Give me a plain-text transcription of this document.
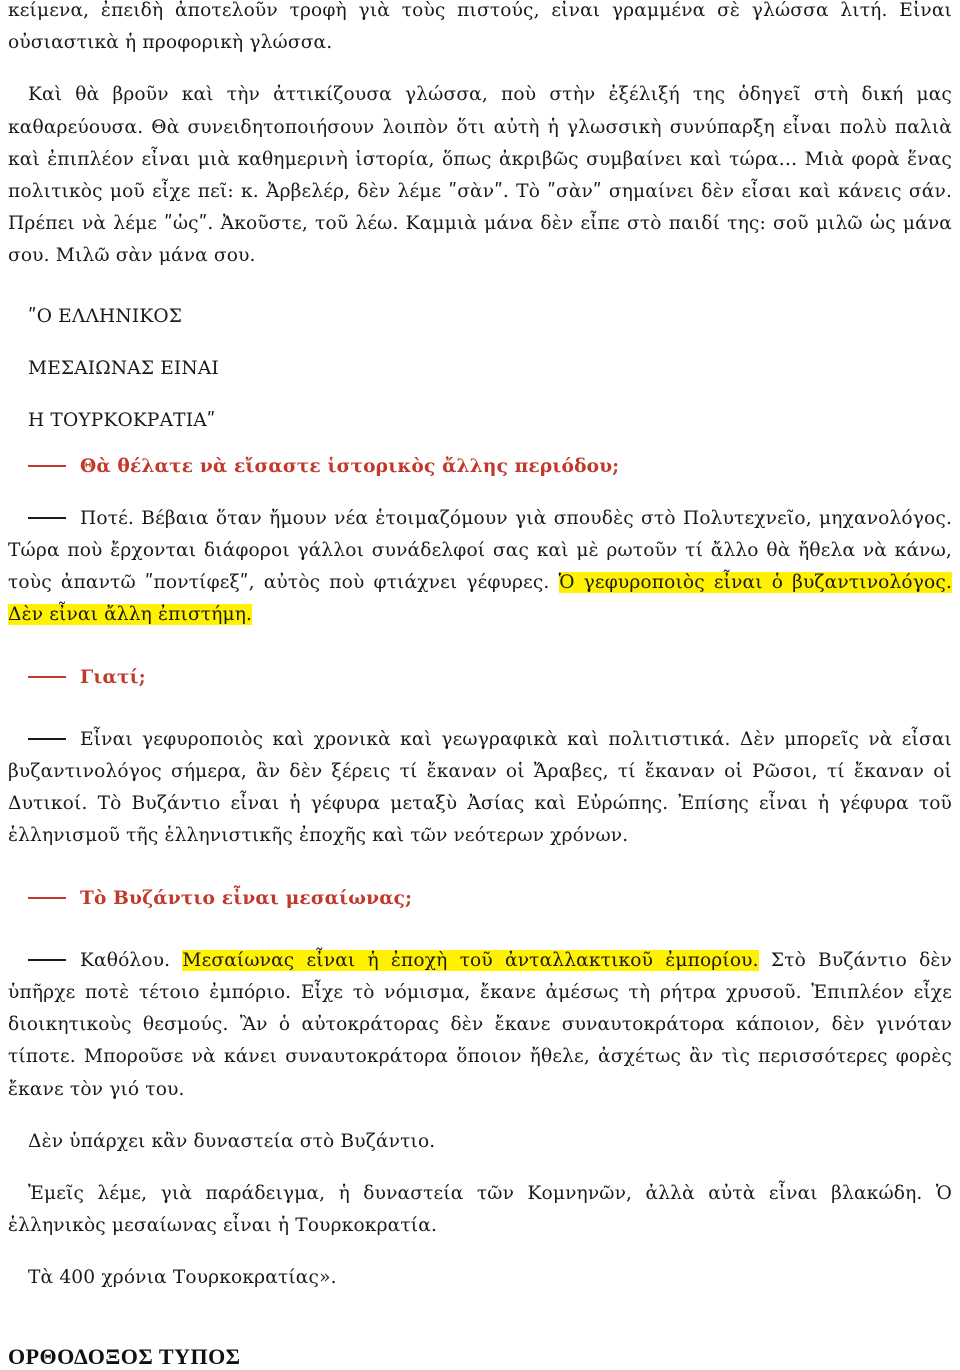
κείμενα, ἐπειδὴ ἀποτελοῦν τροφὴ γιὰ τοὺς πιστούς, εἶναι γραμμένα σὲ γλώσσα λιτή. Εἶναι οὐσιαστικὰ ἡ προφορικὴ γλώσσα.

Καὶ θὰ βροῦν καὶ τὴν ἀττικίζουσα γλώσσα, ποὺ στὴν ἐξέλιξή της ὁδηγεῖ στὴ δική μας καθαρεύουσα. Θὰ συνειδητοποιήσουν λοιπὸν ὅτι αὐτὴ ἡ γλωσσικὴ συνύπαρξη εἶναι πολὺ παλιὰ καὶ ἐπιπλέον εἶναι μιὰ καθημερινὴ ἱστορία, ὅπως ἀκριβῶς συμβαίνει καὶ τώρα… Μιὰ φορὰ ἕνας πολιτικὸς μοῦ εἶχε πεῖ: κ. Ἀρβελέρ, δὲν λέμε ʺσὰνʺ. Τὸ ʺσὰνʺ σημαίνει δὲν εἶσαι καὶ κάνεις σάν. Πρέπει νὰ λέμε ʺὡςʺ. Ἀκοῦστε, τοῦ λέω. Καμμιὰ μάνα δὲν εἶπε στὸ παιδί της: σοῦ μιλῶ ὡς μάνα σου. Μιλῶ σὰν μάνα σου.

ʺΟ ΕΛΛΗΝΙΚΟΣ

ΜΕΣΑΙΩΝΑΣ ΕΙΝΑΙ

Η ΤΟΥΡΚΟΚΡΑΤΙΑʺ

Θὰ θέλατε νὰ εἴσαστε ἱστορικὸς ἄλλης περιόδου;

Ποτέ. Βέβαια ὅταν ἤμουν νέα ἑτοιμαζόμουν γιὰ σπουδὲς στὸ Πολυτεχνεῖο, μηχανολόγος. Τώρα ποὺ ἔρχονται διάφοροι γάλλοι συνάδελφοί σας καὶ μὲ ρωτοῦν τί ἄλλο θὰ ἤθελα νὰ κάνω, τοὺς ἀπαντῶ ʺποντίφεξʺ, αὐτὸς ποὺ φτιάχνει γέφυρες. Ὁ γεφυροποιὸς εἶναι ὁ βυζαντινολόγος. Δὲν εἶναι ἄλλη ἐπιστήμη.

Γιατί;

Εἶναι γεφυροποιὸς καὶ χρονικὰ καὶ γεωγραφικὰ καὶ πολιτιστικά. Δὲν μπορεῖς νὰ εἶσαι βυζαντινολόγος σήμερα, ἂν δὲν ξέρεις τί ἔκαναν οἱ Ἄραβες, τί ἔκαναν οἱ Ρῶσοι, τί ἔκαναν οἱ Δυτικοί. Τὸ Βυζάντιο εἶναι ἡ γέφυρα μεταξὺ Ἀσίας καὶ Εὐρώπης. Ἐπίσης εἶναι ἡ γέφυρα τοῦ ἑλληνισμοῦ τῆς ἑλληνιστικῆς ἐποχῆς καὶ τῶν νεότερων χρόνων.

Τὸ Βυζάντιο εἶναι μεσαίωνας;

Καθόλου. Μεσαίωνας εἶναι ἡ ἐποχὴ τοῦ ἀνταλλακτικοῦ ἐμπορίου. Στὸ Βυζάντιο δὲν ὑπῆρχε ποτὲ τέτοιο ἐμπόριο. Εἶχε τὸ νόμισμα, ἔκανε ἀμέσως τὴ ρήτρα χρυσοῦ. Ἐπιπλέον εἶχε διοικητικοὺς θεσμούς. Ἂν ὁ αὐτοκράτορας δὲν ἔκανε συναυτοκράτορα κάποιον, δὲν γινόταν τίποτε. Μποροῦσε νὰ κάνει συναυτοκράτορα ὅποιον ἤθελε, ἀσχέτως ἂν τὶς περισσότερες φορὲς ἔκανε τὸν γιό του.

Δὲν ὑπάρχει κἂν δυναστεία στὸ Βυζάντιο.

Ἐμεῖς λέμε, γιὰ παράδειγμα, ἡ δυναστεία τῶν Κομνηνῶν, ἀλλὰ αὐτὰ εἶναι βλακώδη. Ὁ ἑλληνικὸς μεσαίωνας εἶναι ἡ Τουρκοκρατία.

Τὰ 400 χρόνια Τουρκοκρατίας».

ΟΡΘΟΔΟΞΟΣ ΤΥΠΟΣ
